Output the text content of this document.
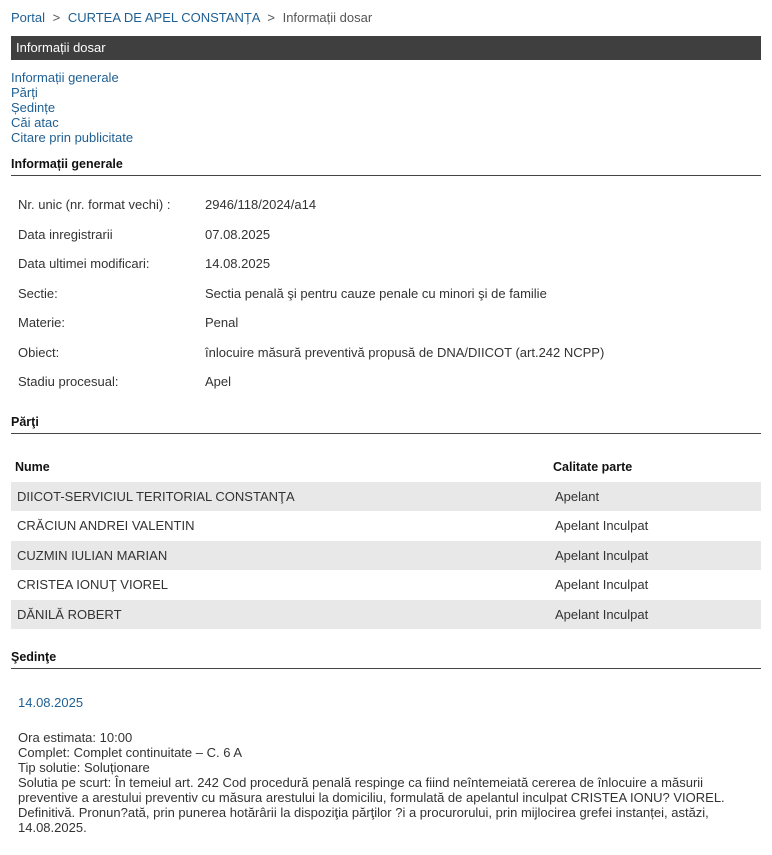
Portal > CURTEA DE APEL CONSTANȚA > Informații dosar
Informații dosar
Informații generale
Părți
Ședințe
Căi atac
Citare prin publicitate
Informații generale
Nr. unic (nr. format vechi) :	2946/118/2024/a14
Data inregistrarii	07.08.2025
Data ultimei modificari:	14.08.2025
Sectie:	Sectia penală şi pentru cauze penale cu minori şi de familie
Materie:	Penal
Obiect:	înlocuire măsură preventivă propusă de DNA/DIICOT (art.242 NCPP)
Stadiu procesual:	Apel
Părţi
Nume	Calitate parte
DIICOT-SERVICIUL TERITORIAL CONSTANŢA	Apelant
CRĂCIUN ANDREI VALENTIN	Apelant Inculpat
CUZMIN IULIAN MARIAN	Apelant Inculpat
CRISTEA IONUŢ VIOREL	Apelant Inculpat
DĂNILĂ ROBERT	Apelant Inculpat
Şedinţe
14.08.2025
Ora estimata: 10:00
Complet: Complet continuitate – C. 6 A
Tip solutie: Soluționare
Solutia pe scurt: În temeiul art. 242 Cod procedură penală respinge ca fiind neîntemeiată cererea de înlocuire a măsurii preventive a arestului preventiv cu măsura arestului la domiciliu, formulată de apelantul inculpat CRISTEA IONU? VIOREL. Definitivă. Pronun?ată, prin punerea hotărârii la dispoziţia părţilor ?i a procurorului, prin mijlocirea grefei instanței, astăzi, 14.08.2025.
